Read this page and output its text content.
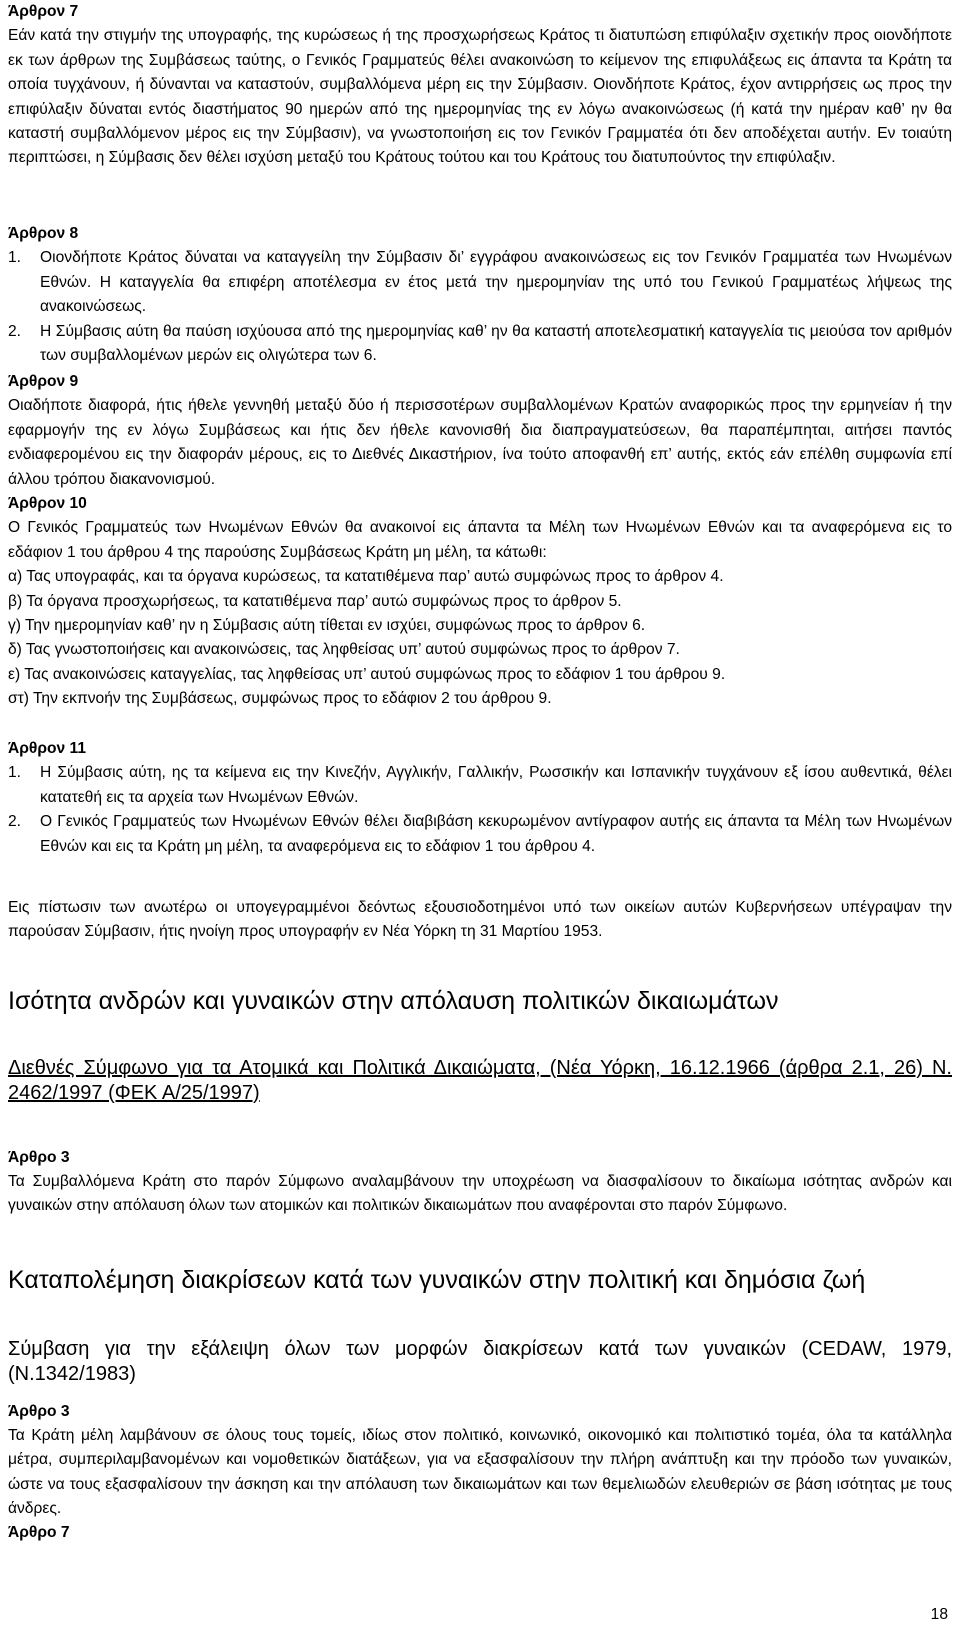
Άρθρον 7

Εάν κατά την στιγμήν της υπογραφής, της κυρώσεως ή της προσχωρήσεως Κράτος τι διατυπώση επιφύλαξιν σχετικήν προς οιονδήποτε εκ των άρθρων της Συμβάσεως ταύτης, ο Γενικός Γραμματεύς θέλει ανακοινώση το κείμενον της επιφυλάξεως εις άπαντα τα Κράτη τα οποία τυγχάνουν, ή δύνανται να καταστούν, συμβαλλόμενα μέρη εις την Σύμβασιν. Οιονδήποτε Κράτος, έχον αντιρρήσεις ως προς την επιφύλαξιν δύναται εντός διαστήματος 90 ημερών από της ημερομηνίας της εν λόγω ανακοινώσεως (ή κατά την ημέραν καθ’ ην θα καταστή συμβαλλόμενον μέρος εις την Σύμβασιν), να γνωστοποιήση εις τον Γενικόν Γραμματέα ότι δεν αποδέχεται αυτήν. Εν τοιαύτη περιπτώσει, η Σύμβασις δεν θέλει ισχύση μεταξύ του Κράτους τούτου και του Κράτους του διατυπούντος την επιφύλαξιν.

Άρθρον 8

1.	Οιονδήποτε Κράτος δύναται να καταγγείλη την Σύμβασιν δι’ εγγράφου ανακοινώσεως εις τον Γενικόν Γραμματέα των Ηνωμένων Εθνών. Η καταγγελία θα επιφέρη αποτέλεσμα εν έτος μετά την ημερομηνίαν της υπό του Γενικού Γραμματέως λήψεως της ανακοινώσεως.
2.	Η Σύμβασις αύτη θα παύση ισχύουσα από της ημερομηνίας καθ’ ην θα καταστή αποτελεσματική καταγγελία τις μειούσα τον αριθμόν των συμβαλλομένων μερών εις ολιγώτερα των 6.

Άρθρον 9

Οιαδήποτε διαφορά, ήτις ήθελε γεννηθή μεταξύ δύο ή περισσοτέρων συμβαλλομένων Κρατών αναφορικώς προς την ερμηνείαν ή την εφαρμογήν της εν λόγω Συμβάσεως και ήτις δεν ήθελε κανονισθή δια διαπραγματεύσεων, θα παραπέμπηται, αιτήσει παντός ενδιαφερομένου εις την διαφοράν μέρους, εις το Διεθνές Δικαστήριον, ίνα τούτο αποφανθή επ’ αυτής, εκτός εάν επέλθη συμφωνία επί άλλου τρόπου διακανονισμού.

Άρθρον 10

Ο Γενικός Γραμματεύς των Ηνωμένων Εθνών θα ανακοινοί εις άπαντα τα Μέλη των Ηνωμένων Εθνών και τα αναφερόμενα εις το εδάφιον 1 του άρθρου 4 της παρούσης Συμβάσεως Κράτη μη μέλη, τα κάτωθι:

α) Τας υπογραφάς, και τα όργανα κυρώσεως, τα κατατιθέμενα παρ’ αυτώ συμφώνως προς το άρθρον 4.

β) Τα όργανα προσχωρήσεως, τα κατατιθέμενα παρ’ αυτώ συμφώνως προς το άρθρον 5.

γ) Την ημερομηνίαν καθ’ ην η Σύμβασις αύτη τίθεται εν ισχύει, συμφώνως προς το άρθρον 6.

δ) Τας γνωστοποιήσεις και ανακοινώσεις, τας ληφθείσας υπ’ αυτού συμφώνως προς το άρθρον 7.

ε) Τας ανακοινώσεις καταγγελίας, τας ληφθείσας υπ’ αυτού συμφώνως προς το εδάφιον 1 του άρθρου 9.

στ) Την εκπνοήν της Συμβάσεως, συμφώνως προς το εδάφιον 2 του άρθρου 9.

Άρθρον 11

1.	Η Σύμβασις αύτη, ης τα κείμενα εις την Κινεζήν, Αγγλικήν, Γαλλικήν, Ρωσσικήν και Ισπανικήν τυγχάνουν εξ ίσου αυθεντικά, θέλει κατατεθή εις τα αρχεία των Ηνωμένων Εθνών.
2.	Ο Γενικός Γραμματεύς των Ηνωμένων Εθνών θέλει διαβιβάση κεκυρωμένον αντίγραφον αυτής εις άπαντα τα Μέλη των Ηνωμένων Εθνών και εις τα Κράτη μη μέλη, τα αναφερόμενα εις το εδάφιον 1 του άρθρου 4.

Εις πίστωσιν των ανωτέρω οι υπογεγραμμένοι δεόντως εξουσιοδοτημένοι υπό των οικείων αυτών Κυβερνήσεων υπέγραψαν την παρούσαν Σύμβασιν, ήτις ηνοίγη προς υπογραφήν εν Νέα Υόρκη τη 31 Μαρτίου 1953.

Ισότητα ανδρών και γυναικών στην απόλαυση πολιτικών δικαιωμάτων
Διεθνές Σύμφωνο για τα Ατομικά και Πολιτικά Δικαιώματα, (Νέα Υόρκη, 16.12.1966 (άρθρα 2.1, 26) Ν. 2462/1997 (ΦΕΚ Α/25/1997)

Άρθρο 3

Τα Συμβαλλόμενα Κράτη στο παρόν Σύμφωνο αναλαμβάνουν την υποχρέωση να διασφαλίσουν το δικαίωμα ισότητας ανδρών και γυναικών στην απόλαυση όλων των ατομικών και πολιτικών δικαιωμάτων που αναφέρονται στο παρόν Σύμφωνο.

Καταπολέμηση διακρίσεων κατά των γυναικών στην πολιτική και δημόσια ζωή
Σύμβαση για την εξάλειψη όλων των μορφών διακρίσεων κατά των γυναικών (CEDAW, 1979, (Ν.1342/1983)

Άρθρο 3

Τα Κράτη μέλη λαμβάνουν σε όλους τους τομείς, ιδίως στον πολιτικό, κοινωνικό, οικονομικό και πολιτιστικό τομέα, όλα τα κατάλληλα μέτρα, συμπεριλαμβανομένων και νομοθετικών διατάξεων, για να εξασφαλίσουν την πλήρη ανάπτυξη και την πρόοδο των γυναικών, ώστε να τους εξασφαλίσουν την άσκηση και την απόλαυση των δικαιωμάτων και των θεμελιωδών ελευθεριών σε βάση ισότητας με τους άνδρες.

Άρθρο 7

18
